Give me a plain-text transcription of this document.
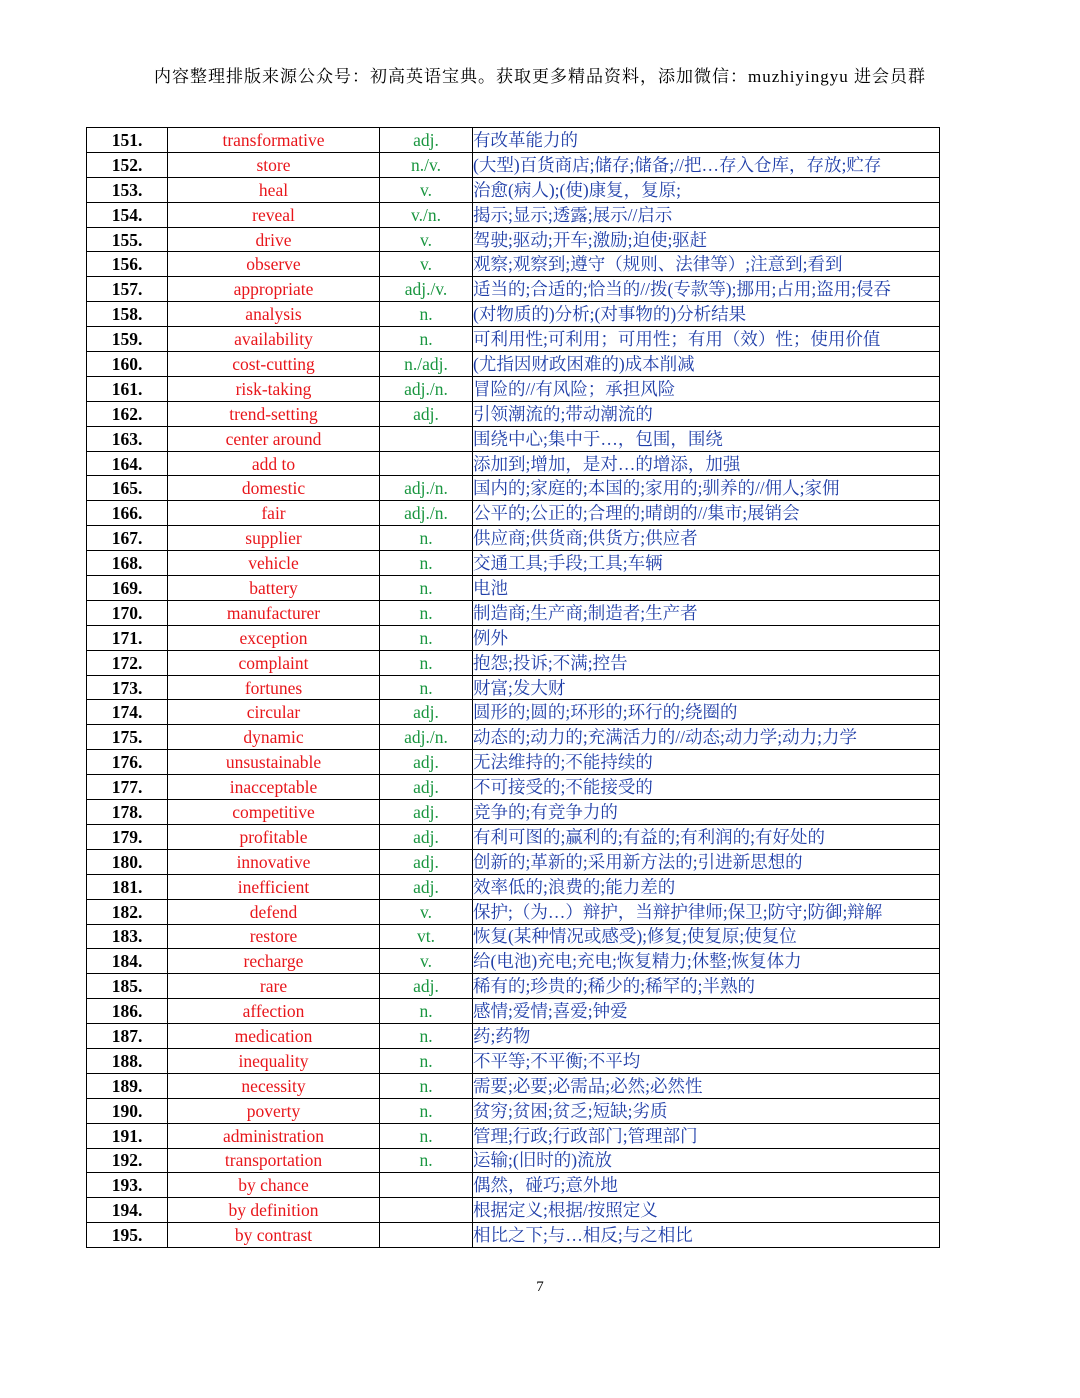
内容整理排版来源公众号：初高英语宝典。获取更多精品资料，添加微信：muzhiyingyu 进会员群
151.	transformative	adj.	有改革能力的
152.	store	n./v.	(大型)百货商店;储存;储备;//把…存入仓库，存放;贮存
153.	heal	v.	治愈(病人);(使)康复，复原;
154.	reveal	v./n.	揭示;显示;透露;展示//启示
155.	drive	v.	驾驶;驱动;开车;激励;迫使;驱赶
156.	observe	v.	观察;观察到;遵守（规则、法律等）;注意到;看到
157.	appropriate	adj./v.	适当的;合适的;恰当的//拨(专款等);挪用;占用;盗用;侵吞
158.	analysis	n.	(对物质的)分析;(对事物的)分析结果
159.	availability	n.	可利用性;可利用；可用性；有用（效）性；使用价值
160.	cost-cutting	n./adj.	(尤指因财政困难的)成本削减
161.	risk-taking	adj./n.	冒险的//有风险；承担风险
162.	trend-setting	adj.	引领潮流的;带动潮流的
163.	center around		围绕中心;集中于…，包围，围绕
164.	add to		添加到;增加，是对…的增添，加强
165.	domestic	adj./n.	国内的;家庭的;本国的;家用的;驯养的//佣人;家佣
166.	fair	adj./n.	公平的;公正的;合理的;晴朗的//集市;展销会
167.	supplier	n.	供应商;供货商;供货方;供应者
168.	vehicle	n.	交通工具;手段;工具;车辆
169.	battery	n.	电池
170.	manufacturer	n.	制造商;生产商;制造者;生产者
171.	exception	n.	例外
172.	complaint	n.	抱怨;投诉;不满;控告
173.	fortunes	n.	财富;发大财
174.	circular	adj.	圆形的;圆的;环形的;环行的;绕圈的
175.	dynamic	adj./n.	动态的;动力的;充满活力的//动态;动力学;动力;力学
176.	unsustainable	adj.	无法维持的;不能持续的
177.	inacceptable	adj.	不可接受的;不能接受的
178.	competitive	adj.	竞争的;有竞争力的
179.	profitable	adj.	有利可图的;赢利的;有益的;有利润的;有好处的
180.	innovative	adj.	创新的;革新的;采用新方法的;引进新思想的
181.	inefficient	adj.	效率低的;浪费的;能力差的
182.	defend	v.	保护;（为…）辩护，当辩护律师;保卫;防守;防御;辩解
183.	restore	vt.	恢复(某种情况或感受);修复;使复原;使复位
184.	recharge	v.	给(电池)充电;充电;恢复精力;休整;恢复体力
185.	rare	adj.	稀有的;珍贵的;稀少的;稀罕的;半熟的
186.	affection	n.	感情;爱情;喜爱;钟爱
187.	medication	n.	药;药物
188.	inequality	n.	不平等;不平衡;不平均
189.	necessity	n.	需要;必要;必需品;必然;必然性
190.	poverty	n.	贫穷;贫困;贫乏;短缺;劣质
191.	administration	n.	管理;行政;行政部门;管理部门
192.	transportation	n.	运输;(旧时的)流放
193.	by chance		偶然，碰巧;意外地
194.	by definition		根据定义;根据/按照定义
195.	by contrast		相比之下;与…相反;与之相比
7
